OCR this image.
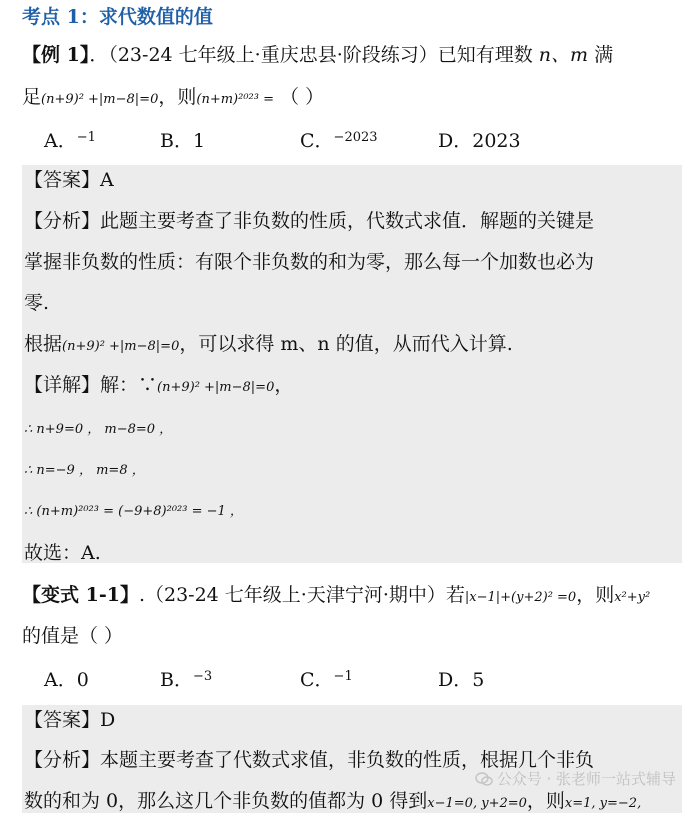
考点 1：求代数值的值
【例 1】．（23-24 七年级上·重庆忠县·阶段练习）已知有理数 n、m 满
足(n+9)² +|m−8|=0，则(n+m)²⁰²³ = （ ）
A．$^{-1}$	B．1	C．$^{-2023}$	D．2023
【答案】A
【分析】此题主要考查了非负数的性质，代数式求值．解题的关键是
掌握非负数的性质：有限个非负数的和为零，那么每一个加数也必为
零.
根据(n+9)² +|m−8|=0，可以求得 m、n 的值，从而代入计算.
【详解】解：∵(n+9)² +|m−8|=0，
∴ n+9=0 ， m−8=0 ，
∴ n=−9 ， m=8 ，
∴ (n+m)²⁰²³ = (−9+8)²⁰²³ = −1 ，
故选：A.
【变式 1-1】.（23-24 七年级上·天津宁河·期中）若|x−1|+(y+2)² =0，则x²+y²
的值是（ ）
A．0	B．$^{-3}$	C．$^{-1}$	D．5
【答案】D
【分析】本题主要考查了代数式求值，非负数的性质，根据几个非负
数的和为 0，那么这几个非负数的值都为 0 得到x−1=0, y+2=0，则x=1, y=−2,
公众号 · 张老师一站式辅导
